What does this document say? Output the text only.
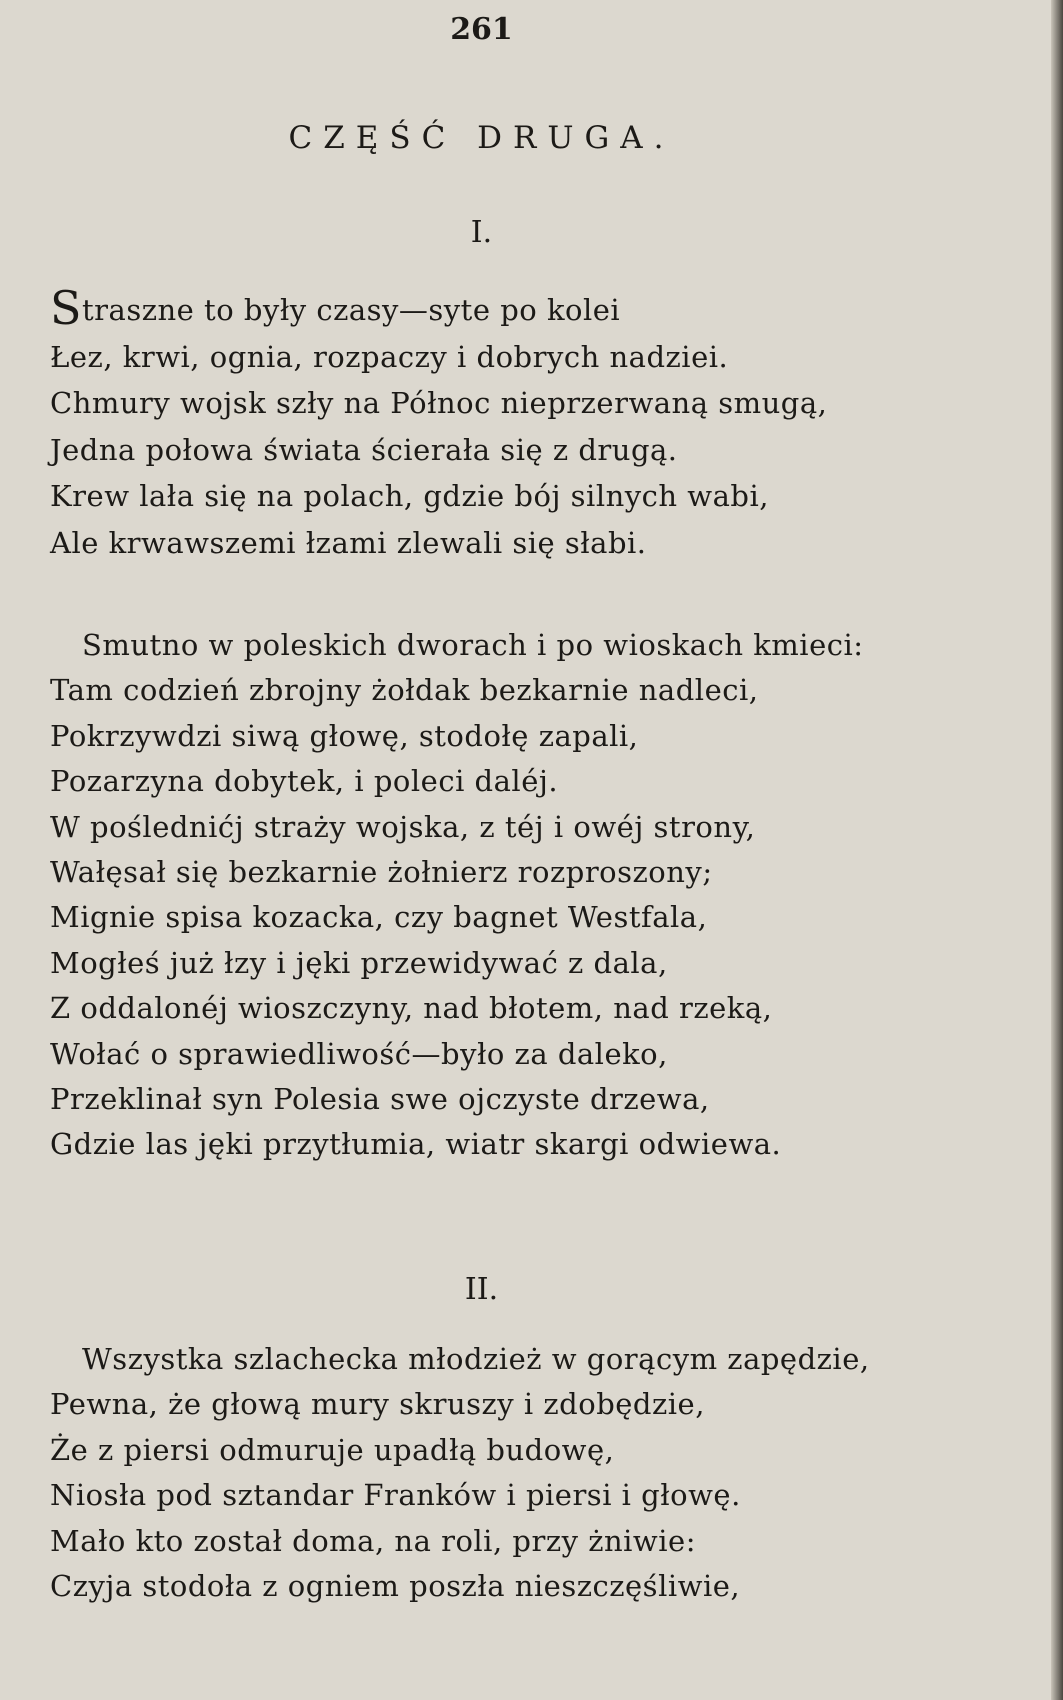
261
CZĘŚĆ DRUGA.
I.
Straszne to były czasy—syte po kolei
Łez, krwi, ognia, rozpaczy i dobrych nadziei.
Chmury wojsk szły na Północ nieprzerwaną smugą,
Jedna połowa świata ścierała się z drugą.
Krew lała się na polach, gdzie bój silnych wabi,
Ale krwawszemi łzami zlewali się słabi.
Smutno w poleskich dworach i po wioskach kmieci:
Tam codzień zbrojny żołdak bezkarnie nadleci,
Pokrzywdzi siwą głowę, stodołę zapali,
Pozarzyna dobytek, i poleci daléj.
W poślednićj straży wojska, z téj i owéj strony,
Wałęsał się bezkarnie żołnierz rozproszony;
Mignie spisa kozacka, czy bagnet Westfala,
Mogłeś już łzy i jęki przewidywać z dala,
Z oddalonéj wioszczyny, nad błotem, nad rzeką,
Wołać o sprawiedliwość—było za daleko,
Przeklinał syn Polesia swe ojczyste drzewa,
Gdzie las jęki przytłumia, wiatr skargi odwiewa.
II.
Wszystka szlachecka młodzież w gorącym zapędzie,
Pewna, że głową mury skruszy i zdobędzie,
Że z piersi odmuruje upadłą budowę,
Niosła pod sztandar Franków i piersi i głowę.
Mało kto został doma, na roli, przy żniwie:
Czyja stodoła z ogniem poszła nieszczęśliwie,
